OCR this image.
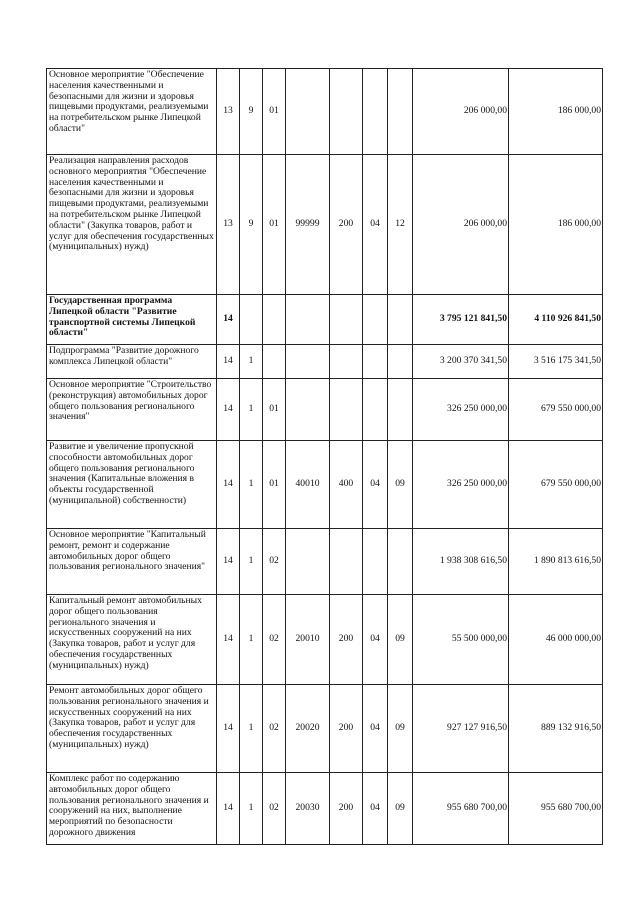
Основное мероприятие "Обеспечение населения качественными и безопасными для жизни и здоровья пищевыми продуктами, реализуемыми на потребительском рынке Липецкой области"	13	9	01					206 000,00	186 000,00
Реализация направления расходов основного мероприятия "Обеспечение населения качественными и безопасными для жизни и здоровья пищевыми продуктами, реализуемыми на потребительском рынке Липецкой области" (Закупка товаров, работ и услуг для обеспечения государственных (муниципальных) нужд)	13	9	01	99999	200	04	12	206 000,00	186 000,00
Государственная программа Липецкой области "Развитие транспортной системы Липецкой области"	14							3 795 121 841,50	4 110 926 841,50
Подпрограмма "Развитие дорожного комплекса Липецкой области"	14	1						3 200 370 341,50	3 516 175 341,50
Основное мероприятие "Строительство (реконструкция) автомобильных дорог общего пользования регионального значения"	14	1	01					326 250 000,00	679 550 000,00
Развитие и увеличение пропускной способности автомобильных дорог общего пользования регионального значения (Капитальные вложения в объекты государственной (муниципальной) собственности)	14	1	01	40010	400	04	09	326 250 000,00	679 550 000,00
Основное мероприятие "Капитальный ремонт, ремонт и содержание автомобильных дорог общего пользования регионального значения"	14	1	02					1 938 308 616,50	1 890 813 616,50
Капитальный ремонт автомобильных дорог общего пользования регионального значения и искусственных сооружений на них (Закупка товаров, работ и услуг для обеспечения государственных (муниципальных) нужд)	14	1	02	20010	200	04	09	55 500 000,00	46 000 000,00
Ремонт автомобильных дорог общего пользования регионального значения и искусственных сооружений на них (Закупка товаров, работ и услуг для обеспечения государственных (муниципальных) нужд)	14	1	02	20020	200	04	09	927 127 916,50	889 132 916,50
Комплекс работ по содержанию автомобильных дорог общего пользования регионального значения и сооружений на них, выполнение мероприятий по безопасности дорожного движения	14	1	02	20030	200	04	09	955 680 700,00	955 680 700,00
